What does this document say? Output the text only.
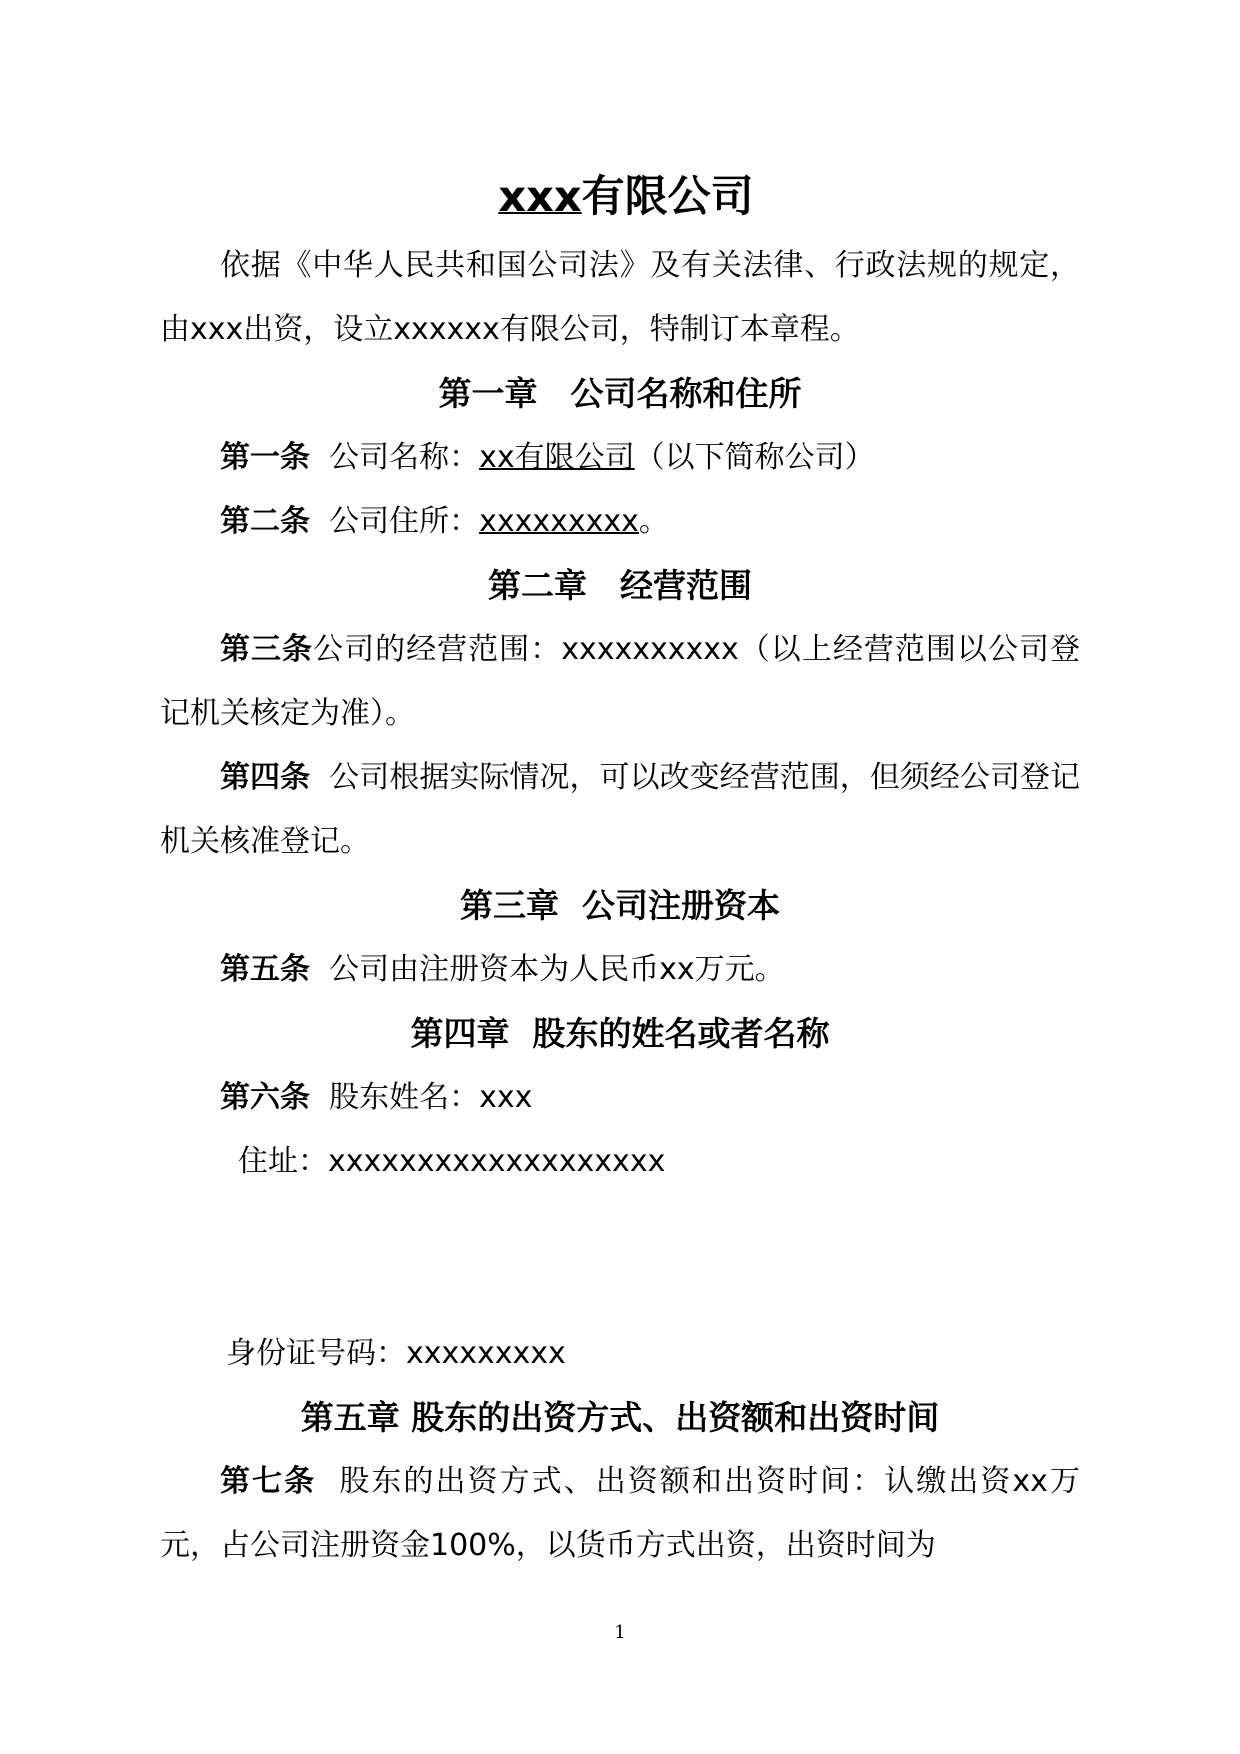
xxx有限公司

依据《中华人民共和国公司法》及有关法律、行政法规的规定，由xxx出资，设立xxxxxx有限公司，特制订本章程。

第一章　公司名称和住所

第一条  公司名称：xx有限公司（以下简称公司）

第二条  公司住所：xxxxxxxxx。

第二章　经营范围

第三条公司的经营范围：xxxxxxxxxx（以上经营范围以公司登记机关核定为准）。

第四条  公司根据实际情况，可以改变经营范围，但须经公司登记机关核准登记。

第三章  公司注册资本

第五条  公司由注册资本为人民币xx万元。

第四章  股东的姓名或者名称

第六条  股东姓名：xxx

住址：xxxxxxxxxxxxxxxxxxx

身份证号码：xxxxxxxxx

第五章 股东的出资方式、出资额和出资时间

第七条  股东的出资方式、出资额和出资时间：认缴出资xx万元，占公司注册资金100%，以货币方式出资，出资时间为

1
